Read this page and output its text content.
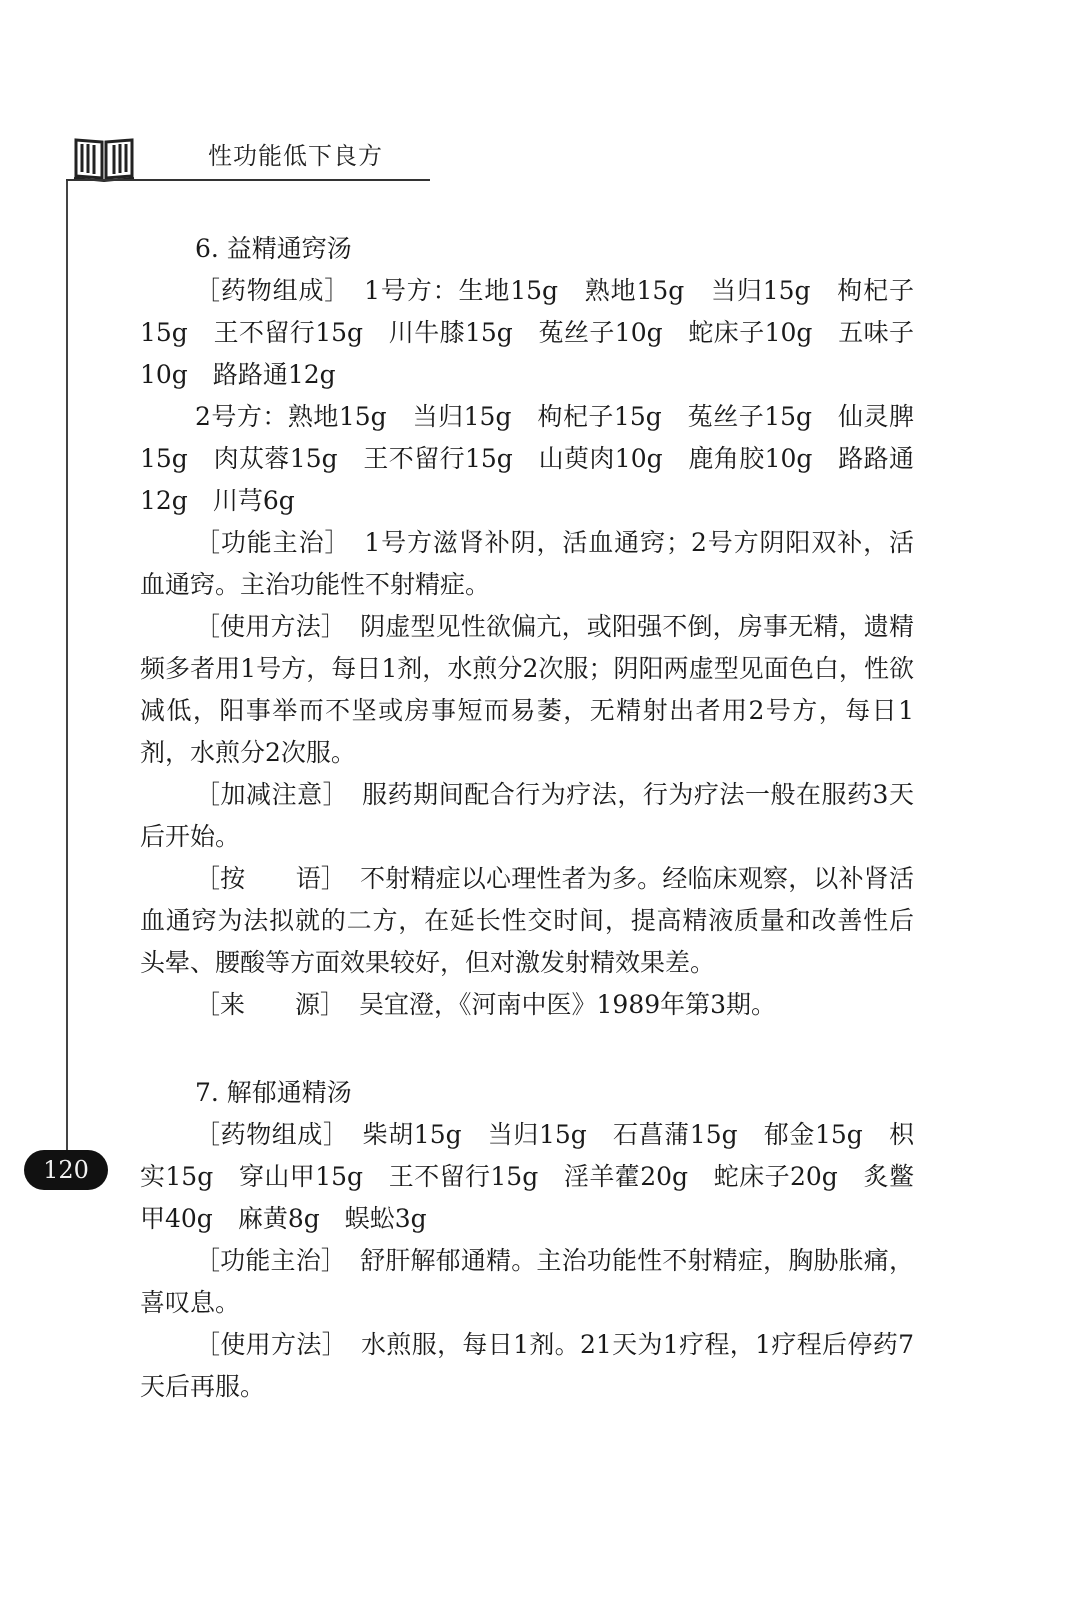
性功能低下良方
120
6. 益精通窍汤

［药物组成］ 1号方：生地15g　熟地15g　当归15g　枸杞子15g　王不留行15g　川牛膝15g　菟丝子10g　蛇床子10g　五味子10g　路路通12g

2号方：熟地15g　当归15g　枸杞子15g　菟丝子15g　仙灵脾15g　肉苁蓉15g　王不留行15g　山萸肉10g　鹿角胶10g　路路通12g　川芎6g

［功能主治］ 1号方滋肾补阴，活血通窍；2号方阴阳双补，活血通窍。主治功能性不射精症。

［使用方法］ 阴虚型见性欲偏亢，或阳强不倒，房事无精，遗精频多者用1号方，每日1剂，水煎分2次服；阴阳两虚型见面色白，性欲减低，阳事举而不坚或房事短而易萎，无精射出者用2号方，每日1剂，水煎分2次服。

［加减注意］ 服药期间配合行为疗法，行为疗法一般在服药3天后开始。

［按　　语］ 不射精症以心理性者为多。经临床观察，以补肾活血通窍为法拟就的二方，在延长性交时间，提高精液质量和改善性后头晕、腰酸等方面效果较好，但对激发射精效果差。

［来　　源］ 吴宜澄，《河南中医》1989年第3期。

7. 解郁通精汤

［药物组成］ 柴胡15g　当归15g　石菖蒲15g　郁金15g　枳实15g　穿山甲15g　王不留行15g　淫羊藿20g　蛇床子20g　炙鳖甲40g　麻黄8g　蜈蚣3g

［功能主治］ 舒肝解郁通精。主治功能性不射精症，胸胁胀痛，喜叹息。

［使用方法］ 水煎服，每日1剂。21天为1疗程，1疗程后停药7天后再服。
